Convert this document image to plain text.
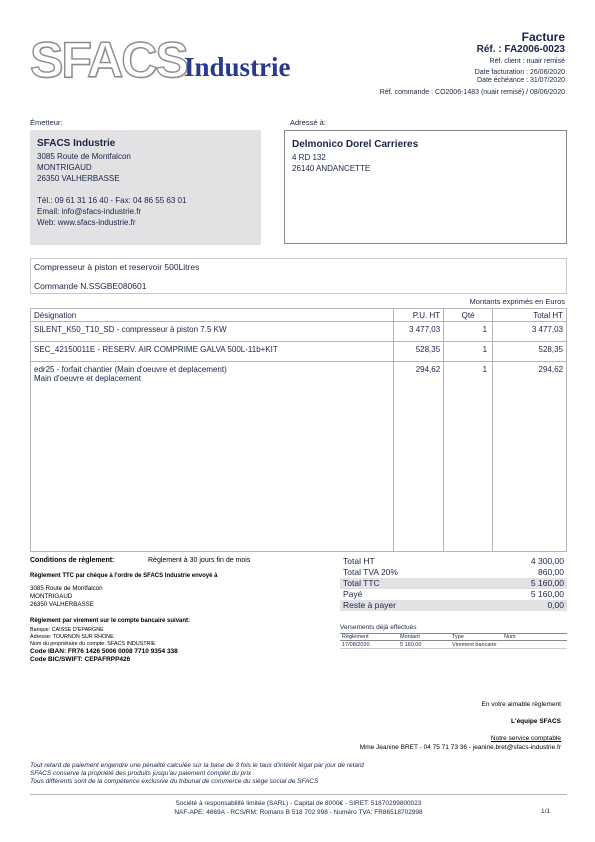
SFACS
Industrie
Facture
Réf. : FA2006-0023
Réf. client : nuair remisé
Date facturation : 26/06/2020
Date échéance : 31/07/2020
Réf. commande : CO2006-1483 (nuair remisé) / 08/06/2020
Émetteur:
SFACS Industrie
3085 Route de Montfalcon
MONTRIGAUD
26350 VALHERBASSE
Tél.: 09 61 31 16 40 - Fax: 04 86 55 63 01
Email: info@sfacs-industrie.fr
Web: www.sfacs-industrie.fr
Adressé à:
Delmonico Dorel Carrieres
4 RD 132
26140 ANDANCETTE
Compresseur à piston et reservoir 500Litres
Commande N.SSGBE080601
Montants exprimés en Euros
Désignation	P.U. HT	Qté	Total HT
SILENT_K50_T10_SD - compresseur à piston 7.5 KW	3 477,03	1	3 477,03
SEC_42150011E - RESERV. AIR COMPRIME GALVA 500L-11b+KIT	528,35	1	528,35

edr25 - forfait chantier (Main d'oeuvre et deplacement)
Main d'oeuvre et deplacement	294,62	1	294,62
Conditions de règlement:	Règlement à 30 jours fin de mois
Règlement TTC par chèque à l'ordre de SFACS Industrie envoyé à
3085 Route de Montfalcon
MONTRIGAUD
26350 VALHERBASSE
Règlement par virement sur le compte bancaire suivant:
Banque: CAISSE D'EPARGNE
Adresse: TOURNON SUR RHONE
Nom du propriétaire du compte: SFACS INDUSTRIE
Code IBAN: FR76 1426 5006 0008 7710 9354 338
Code BIC/SWIFT: CEPAFRPP426
Total HT	4 300,00
Total TVA 20%	860,00
Total TTC	5 160,00
Payé	5 160,00
Reste à payer	0,00
Versements déjà effectués
Règlement	Montant	Type	Num
17/08/2020	5 160,00	Virement bancaire
En votre aimable règlement
L'équipe SFACS
Notre service comptable
Mme Jeanine BRET - 04 75 71 73 36 - jeanine.bret@sfacs-industrie.fr
Tout retard de paiement engendre une pénalité calculée sur la base de 3 fois le taux d'intérêt légal par jour de retard
SFACS conserve la propriété des produits jusqu'au paiement complet du prix
Tous différents sont de la compétence exclusive du tribunal de commerce du siège social de SFACS
Société à responsabilité limitée (SARL) - Capital de 8000€ - SIRET: 51870299800023
NAF-APE: 4669A - RCS/RM: Romans B 518 702 998 - Numéro TVA: FR86518702998	1/1
